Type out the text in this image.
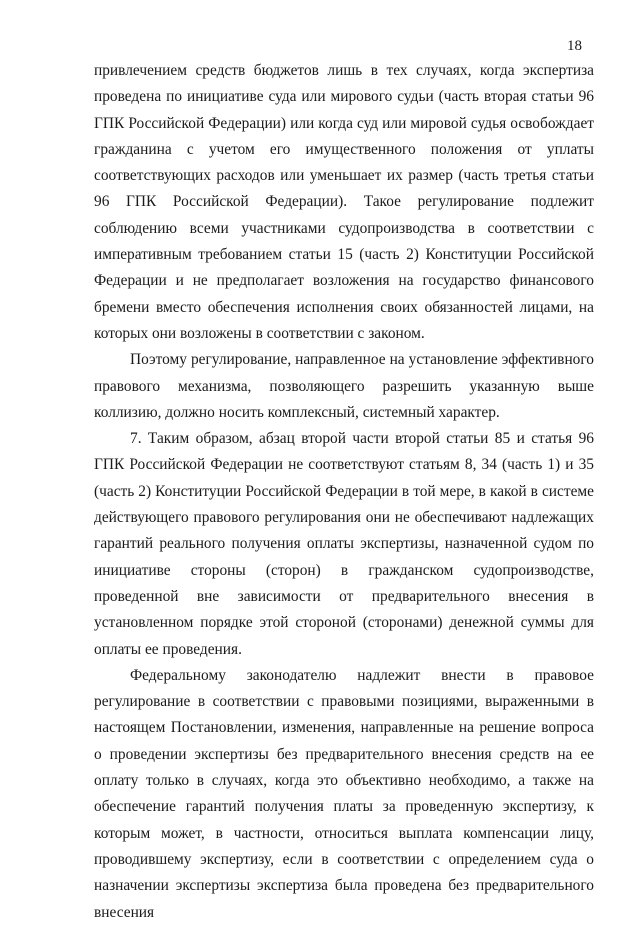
18

привлечением средств бюджетов лишь в тех случаях, когда экспертиза проведена по инициативе суда или мирового судьи (часть вторая статьи 96 ГПК Российской Федерации) или когда суд или мировой судья освобождает гражданина с учетом его имущественного положения от уплаты соответствующих расходов или уменьшает их размер (часть третья статьи 96 ГПК Российской Федерации). Такое регулирование подлежит соблюдению всеми участниками судопроизводства в соответствии с императивным требованием статьи 15 (часть 2) Конституции Российской Федерации и не предполагает возложения на государство финансового бремени вместо обеспечения исполнения своих обязанностей лицами, на которых они возложены в соответствии с законом.

Поэтому регулирование, направленное на установление эффективного правового механизма, позволяющего разрешить указанную выше коллизию, должно носить комплексный, системный характер.

7. Таким образом, абзац второй части второй статьи 85 и статья 96 ГПК Российской Федерации не соответствуют статьям 8, 34 (часть 1) и 35 (часть 2) Конституции Российской Федерации в той мере, в какой в системе действующего правового регулирования они не обеспечивают надлежащих гарантий реального получения оплаты экспертизы, назначенной судом по инициативе стороны (сторон) в гражданском судопроизводстве, проведенной вне зависимости от предварительного внесения в установленном порядке этой стороной (сторонами) денежной суммы для оплаты ее проведения.

Федеральному законодателю надлежит внести в правовое регулирование в соответствии с правовыми позициями, выраженными в настоящем Постановлении, изменения, направленные на решение вопроса о проведении экспертизы без предварительного внесения средств на ее оплату только в случаях, когда это объективно необходимо, а также на обеспечение гарантий получения платы за проведенную экспертизу, к которым может, в частности, относиться выплата компенсации лицу, проводившему экспертизу, если в соответствии с определением суда о назначении экспертизы экспертиза была проведена без предварительного внесения
